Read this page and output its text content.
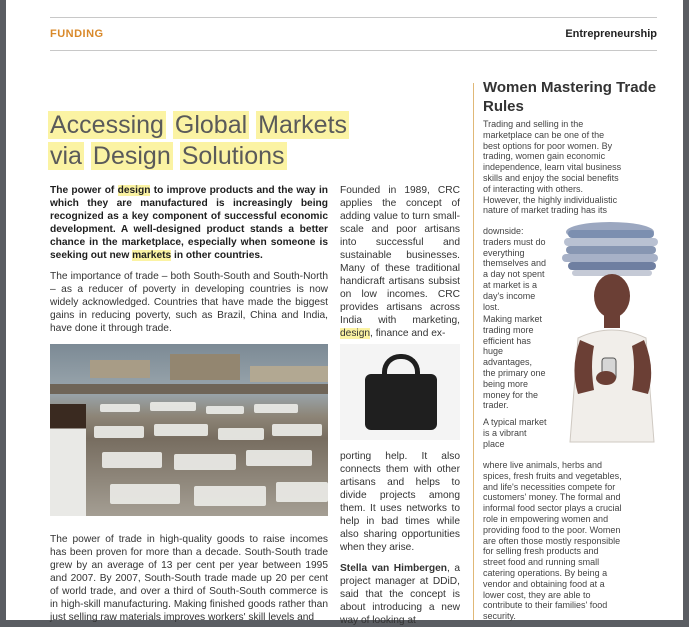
FUNDING	Entrepreneurship
Accessing Global Markets
via Design Solutions

The power of design to improve products and the way in which they are manufactured is increasingly being recognized as a key component of successful economic development. A well-designed product stands a better chance in the marketplace, especially when someone is seeking out new markets in other countries.

The importance of trade – both South-South and South-North – as a reducer of poverty in developing countries is now widely acknowledged. Countries that have made the biggest gains in reducing poverty, such as Brazil, China and India, have done it through trade.

The power of trade in high-quality goods to raise incomes has been proven for more than a decade. South-South trade grew by an average of 13 per cent per year between 1995 and 2007. By 2007, South-South trade made up 20 per cent of world trade, and over a third of South-South commerce is in high-skill manufacturing. Making finished goods rather than just selling raw materials improves workers' skill levels and

Founded in 1989, CRC applies the concept of adding value to turn small-scale and poor artisans into successful and sustainable businesses. Many of these traditional handicraft artisans subsist on low incomes. CRC provides artisans across India with marketing, design, finance and ex-

porting help. It also connects them with other artisans and helps to divide projects among them. It uses networks to help in bad times while also sharing opportunities when they arise.

Stella van Himbergen, a project manager at DDiD, said that the concept is about introducing a new way of looking at

Women Mastering Trade Rules

Trading and selling in the marketplace can be one of the best options for poor women. By trading, women gain economic independence, learn vital business skills and enjoy the social benefits of interacting with others. However, the highly individualistic nature of market trading has its

downside: traders must do everything themselves and a day not spent at market is a day's income lost.

Making market trading more efficient has huge advantages, the primary one being more money for the trader.

A typical market is a vibrant place

where live animals, herbs and spices, fresh fruits and vegetables, and life's necessities compete for customers' money. The formal and informal food sector plays a crucial role in empowering women and providing food to the poor. Women are often those mostly responsible for selling fresh products and street food and running small catering operations. By being a vendor and obtaining food at a lower cost, they are able to contribute to their families' food security.
